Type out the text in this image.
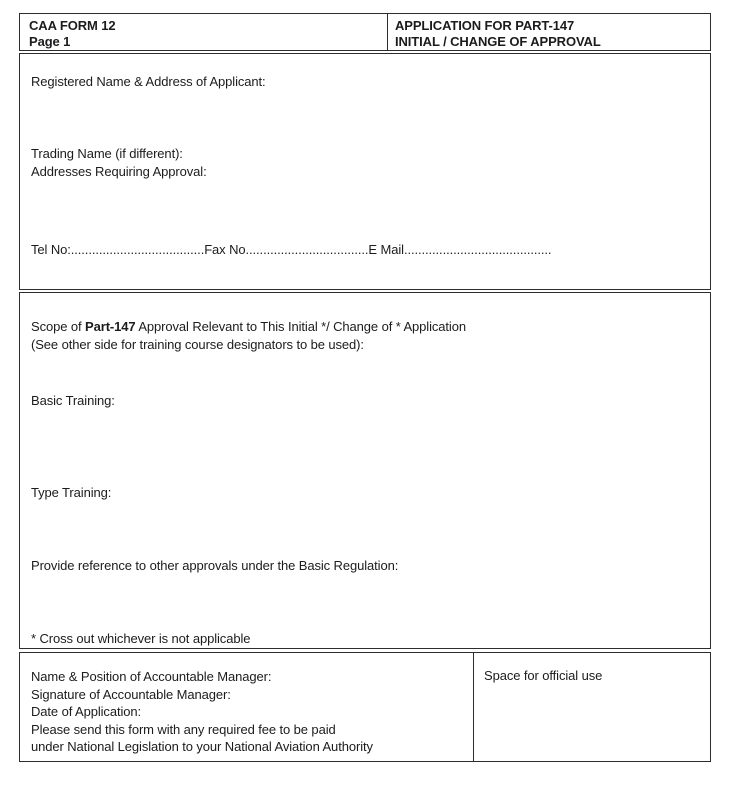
CAA FORM 12
Page 1
APPLICATION FOR PART-147
INITIAL / CHANGE OF APPROVAL
Registered Name & Address of Applicant:
Trading Name (if different):
Addresses Requiring Approval:
Tel No:......................................Fax No...................................E Mail..........................................
Scope of Part-147 Approval Relevant to This Initial */ Change of * Application
(See other side for training course designators to be used):
Basic Training:
Type Training:
Provide reference to other approvals under the Basic Regulation:
* Cross out whichever is not applicable
Name & Position of Accountable Manager:
Signature of Accountable Manager:
Date of Application:
Please send this form with any required fee to be paid
under National Legislation to your National Aviation Authority
Space for official use
